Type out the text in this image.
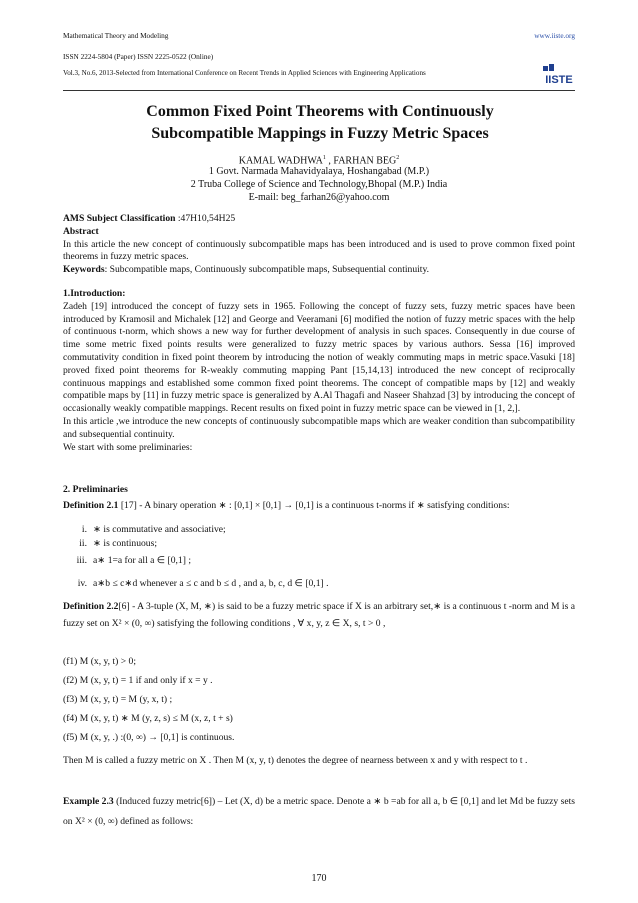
Mathematical Theory and Modeling	www.iiste.org
ISSN 2224-5804 (Paper) ISSN 2225-0522 (Online)
Vol.3, No.6, 2013-Selected from International Conference on Recent Trends in Applied Sciences with Engineering Applications
IISTE
Common Fixed Point Theorems with Continuously
Subcompatible Mappings in Fuzzy Metric Spaces
KAMAL WADHWA$^1$ , FARHAN BEG$^2$
1 Govt. Narmada Mahavidyalaya, Hoshangabad (M.P.)
2 Truba College of Science and Technology,Bhopal (M.P.) India
E-mail: beg_farhan26@yahoo.com

AMS Subject Classification :47H10,54H25

Abstract

In this article the new concept of continuously subcompatible maps has been introduced and is used to prove common fixed point theorems in fuzzy metric spaces.

Keywords: Subcompatible maps, Continuously subcompatible maps, Subsequential continuity.

1.Introduction:

Zadeh [19] introduced the concept of fuzzy sets in 1965. Following the concept of fuzzy sets, fuzzy metric spaces have been introduced by Kramosil and Michalek [12] and George and Veeramani [6] modified the notion of fuzzy metric spaces with the help of continuous t-norm, which shows a new way for further development of analysis in such spaces. Consequently in due course of time some metric fixed points results were generalized to fuzzy metric spaces by various authors. Sessa [16] improved commutativity condition in fixed point theorem by introducing the notion of weakly commuting maps in metric space.Vasuki [18] proved fixed point theorems for R-weakly commuting mapping Pant [15,14,13] introduced the new concept of reciprocally continuous mappings and established some common fixed point theorems. The concept of compatible maps by [12] and weakly compatible maps by [11] in fuzzy metric space is generalized by A.Al Thagafi and Naseer Shahzad [3] by introducing the concept of occasionally weakly compatible mappings. Recent results on fixed point in fuzzy metric space can be viewed in [1, 2,].

In this article ,we introduce the new concepts of continuously subcompatible maps which are weaker condition than subcompatibility and subsequential continuity.

We start with some preliminaries:

2. Preliminaries

Definition 2.1 [17] - A binary operation ∗ : [0,1] × [0,1] → [0,1] is a continuous t-norms if ∗ satisfying conditions:

i. ∗ is commutative and associative;
ii. ∗ is continuous;
iii. a∗ 1=a for all a ∈ [0,1] ;
iv. a∗b ≤ c∗d whenever a ≤ c and b ≤ d , and a, b, c, d ∈ [0,1] .

Definition 2.2[6] - A 3-tuple (X, M, ∗) is said to be a fuzzy metric space if X is an arbitrary set,∗ is a continuous t -norm and M is a fuzzy set on X² × (0, ∞) satisfying the following conditions , ∀ x, y, z ∈ X, s, t > 0 ,

(f1) M (x, y, t) > 0;
(f2) M (x, y, t) = 1 if and only if x = y .
(f3) M (x, y, t) = M (y, x, t) ;
(f4) M (x, y, t) ∗ M (y, z, s) ≤ M (x, z, t + s)
(f5) M (x, y, .) :(0, ∞) → [0,1] is continuous.
Then M is called a fuzzy metric on X . Then M (x, y, t) denotes the degree of nearness between x and y with respect to t .

Example 2.3 (Induced fuzzy metric[6]) – Let (X, d) be a metric space. Denote a ∗ b =ab for all a, b ∈ [0,1] and let Md be fuzzy sets on X² × (0, ∞) defined as follows:

170
